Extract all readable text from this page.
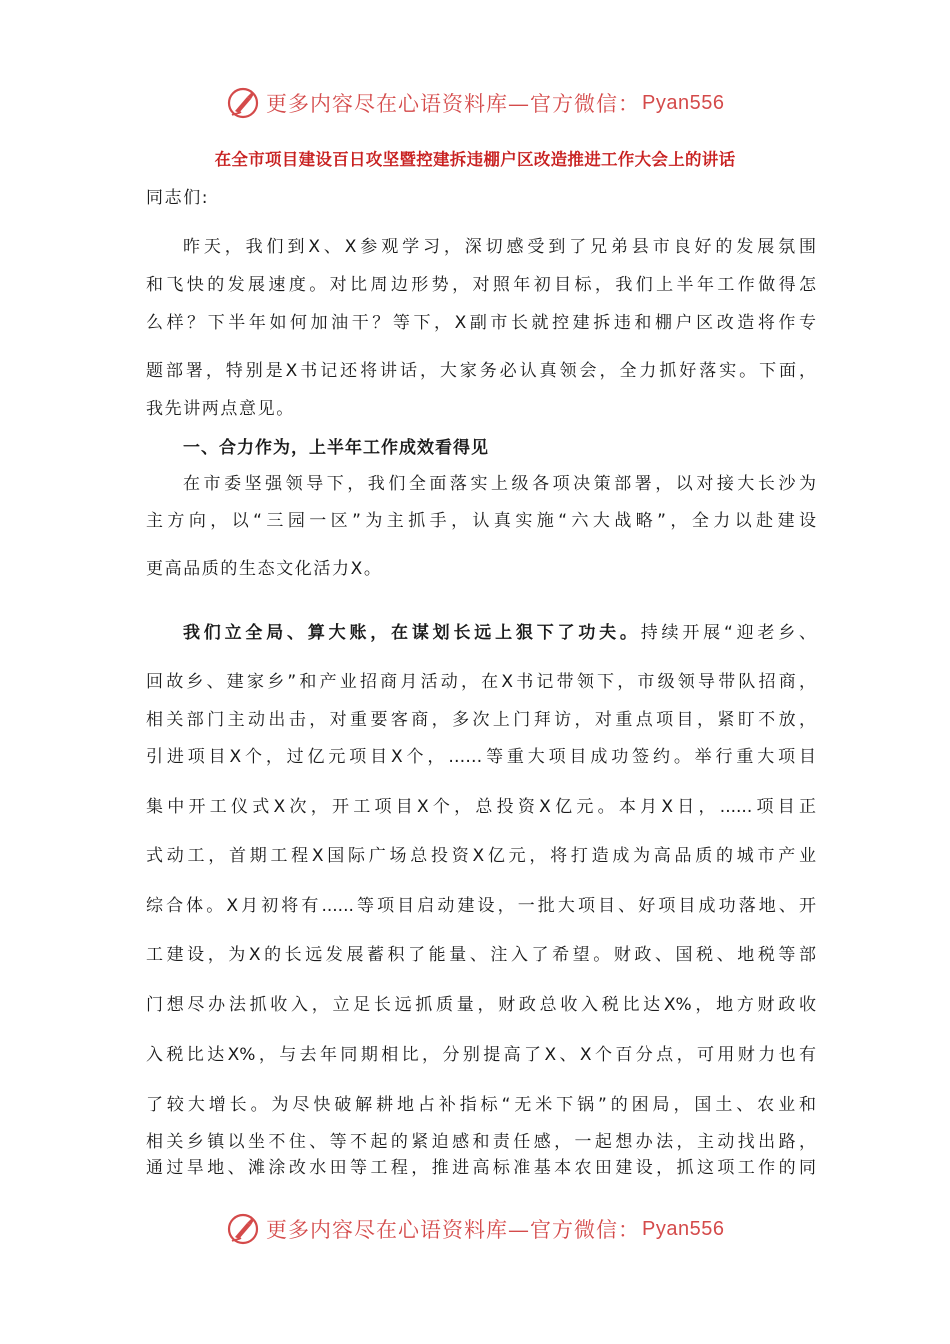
更多内容尽在心语资料库—官方微信： Pyan556
在全市项目建设百日攻坚暨控建拆违棚户区改造推进工作大会上的讲话
同志们:
昨天，我们到X、X参观学习，深切感受到了兄弟县市良好的发展氛围
和飞快的发展速度。对比周边形势，对照年初目标，我们上半年工作做得怎
么样？下半年如何加油干？等下，X副市长就控建拆违和棚户区改造将作专
题部署，特别是X书记还将讲话，大家务必认真领会，全力抓好落实。下面，
我先讲两点意见。
一、合力作为，上半年工作成效看得见
在市委坚强领导下，我们全面落实上级各项决策部署，以对接大长沙为
主方向，以“三园一区”为主抓手，认真实施“六大战略”，全力以赴建设
更高品质的生态文化活力X。
我们立全局、算大账，在谋划长远上狠下了功夫。持续开展“迎老乡、
回故乡、建家乡”和产业招商月活动，在X书记带领下，市级领导带队招商，
相关部门主动出击，对重要客商，多次上门拜访，对重点项目，紧盯不放，
引进项目X个，过亿元项目X个，……等重大项目成功签约。举行重大项目
集中开工仪式X次，开工项目X个，总投资X亿元。本月X日，......项目正
式动工，首期工程X国际广场总投资X亿元，将打造成为高品质的城市产业
综合体。X月初将有......等项目启动建设，一批大项目、好项目成功落地、开
工建设，为X的长远发展蓄积了能量、注入了希望。财政、国税、地税等部
门想尽办法抓收入，立足长远抓质量，财政总收入税比达X%，地方财政收
入税比达X%，与去年同期相比，分别提高了X、X个百分点，可用财力也有
了较大增长。为尽快破解耕地占补指标“无米下锅”的困局，国土、农业和
相关乡镇以坐不住、等不起的紧迫感和责任感，一起想办法，主动找出路，
通过旱地、滩涂改水田等工程，推进高标准基本农田建设，抓这项工作的同
更多内容尽在心语资料库—官方微信： Pyan556
